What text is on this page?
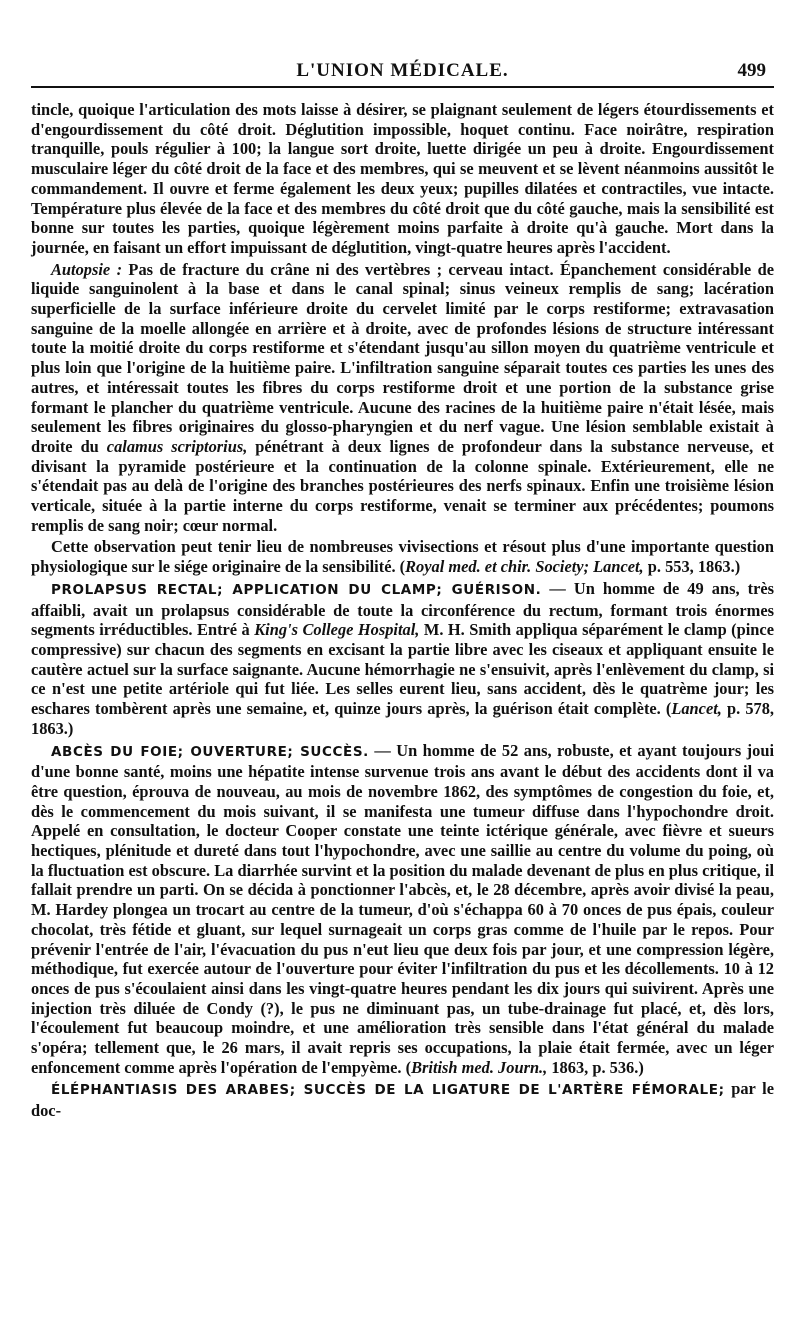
L'UNION MÉDICALE.	499

tincle, quoique l'articulation des mots laisse à désirer, se plaignant seulement de légers étourdissements et d'engourdissement du côté droit. Déglutition impossible, hoquet continu. Face noirâtre, respiration tranquille, pouls régulier à 100; la langue sort droite, luette dirigée un peu à droite. Engourdissement musculaire léger du côté droit de la face et des membres, qui se meuvent et se lèvent néanmoins aussitôt le commandement. Il ouvre et ferme également les deux yeux; pupilles dilatées et contractiles, vue intacte. Température plus élevée de la face et des membres du côté droit que du côté gauche, mais la sensibilité est bonne sur toutes les parties, quoique légèrement moins parfaite à droite qu'à gauche. Mort dans la journée, en faisant un effort impuissant de déglutition, vingt-quatre heures après l'accident.

Autopsie : Pas de fracture du crâne ni des vertèbres ; cerveau intact. Épanchement considérable de liquide sanguinolent à la base et dans le canal spinal; sinus veineux remplis de sang; lacération superficielle de la surface inférieure droite du cervelet limité par le corps restiforme; extravasation sanguine de la moelle allongée en arrière et à droite, avec de profondes lésions de structure intéressant toute la moitié droite du corps restiforme et s'étendant jusqu'au sillon moyen du quatrième ventricule et plus loin que l'origine de la huitième paire. L'infiltration sanguine séparait toutes ces parties les unes des autres, et intéressait toutes les fibres du corps restiforme droit et une portion de la substance grise formant le plancher du quatrième ventricule. Aucune des racines de la huitième paire n'était lésée, mais seulement les fibres originaires du glosso-pharyngien et du nerf vague. Une lésion semblable existait à droite du calamus scriptorius, pénétrant à deux lignes de profondeur dans la substance nerveuse, et divisant la pyramide postérieure et la continuation de la colonne spinale. Extérieurement, elle ne s'étendait pas au delà de l'origine des branches postérieures des nerfs spinaux. Enfin une troisième lésion verticale, située à la partie interne du corps restiforme, venait se terminer aux précédentes; poumons remplis de sang noir; cœur normal.

Cette observation peut tenir lieu de nombreuses vivisections et résout plus d'une importante question physiologique sur le siége originaire de la sensibilité. (Royal med. et chir. Society; Lancet, p. 553, 1863.)

PROLAPSUS RECTAL; APPLICATION DU CLAMP; GUÉRISON. — Un homme de 49 ans, très affaibli, avait un prolapsus considérable de toute la circonférence du rectum, formant trois énormes segments irréductibles. Entré à King's College Hospital, M. H. Smith appliqua séparément le clamp (pince compressive) sur chacun des segments en excisant la partie libre avec les ciseaux et appliquant ensuite le cautère actuel sur la surface saignante. Aucune hémorrhagie ne s'ensuivit, après l'enlèvement du clamp, si ce n'est une petite artériole qui fut liée. Les selles eurent lieu, sans accident, dès le quatrème jour; les eschares tombèrent après une semaine, et, quinze jours après, la guérison était complète. (Lancet, p. 578, 1863.)

ABCÈS DU FOIE; OUVERTURE; SUCCÈS. — Un homme de 52 ans, robuste, et ayant toujours joui d'une bonne santé, moins une hépatite intense survenue trois ans avant le début des accidents dont il va être question, éprouva de nouveau, au mois de novembre 1862, des symptômes de congestion du foie, et, dès le commencement du mois suivant, il se manifesta une tumeur diffuse dans l'hypochondre droit. Appelé en consultation, le docteur Cooper constate une teinte ictérique générale, avec fièvre et sueurs hectiques, plénitude et dureté dans tout l'hypochondre, avec une saillie au centre du volume du poing, où la fluctuation est obscure. La diarrhée survint et la position du malade devenant de plus en plus critique, il fallait prendre un parti. On se décida à ponctionner l'abcès, et, le 28 décembre, après avoir divisé la peau, M. Hardey plongea un trocart au centre de la tumeur, d'où s'échappa 60 à 70 onces de pus épais, couleur chocolat, très fétide et gluant, sur lequel surnageait un corps gras comme de l'huile par le repos. Pour prévenir l'entrée de l'air, l'évacuation du pus n'eut lieu que deux fois par jour, et une compression légère, méthodique, fut exercée autour de l'ouverture pour éviter l'infiltration du pus et les décollements. 10 à 12 onces de pus s'écoulaient ainsi dans les vingt-quatre heures pendant les dix jours qui suivirent. Après une injection très diluée de Condy (?), le pus ne diminuant pas, un tube-drainage fut placé, et, dès lors, l'écoulement fut beaucoup moindre, et une amélioration très sensible dans l'état général du malade s'opéra; tellement que, le 26 mars, il avait repris ses occupations, la plaie était fermée, avec un léger enfoncement comme après l'opération de l'empyème. (British med. Journ., 1863, p. 536.)

ÉLÉPHANTIASIS DES ARABES; SUCCÈS DE LA LIGATURE DE L'ARTÈRE FÉMORALE; par le doc-
